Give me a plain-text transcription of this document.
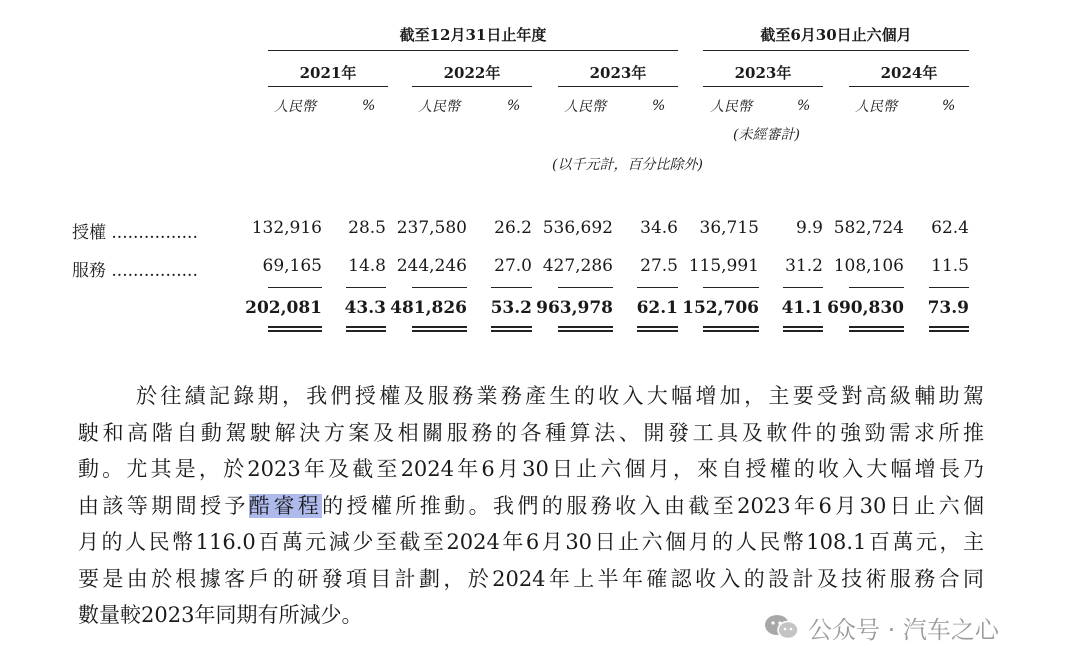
截至12月31日止年度	截至6月30日止六個月
2021年	2022年	2023年	2023年	2024年
人民幣	%	人民幣	%	人民幣	%	人民幣	%	人民幣	%
(未經審計)
(以千元計，百分比除外)
授權 ................	132,916	28.5 237,580	26.2 536,692	34.6	36,715	9.9 582,724	62.4
服務 ................	69,165	14.8 244,246	27.0 427,286	27.5 115,991	31.2 108,106	11.5
202,081	43.3 481,826	53.2 963,978	62.1 152,706	41.1 690,830	73.9
於往績記錄期，我們授權及服務業務產生的收入大幅增加，主要受對高級輔助駕
駛和高階自動駕駛解決方案及相關服務的各種算法、開發工具及軟件的強勁需求所推
動。尤其是，於2023年及截至2024年6月30日止六個月，來自授權的收入大幅增長乃
由該等期間授予酷睿程的授權所推動。我們的服務收入由截至2023年6月30日止六個
月的人民幣116.0百萬元減少至截至2024年6月30日止六個月的人民幣108.1百萬元，主
要是由於根據客戶的研發項目計劃，於2024年上半年確認收入的設計及技術服務合同
數量較2023年同期有所減少。
公众号 · 汽车之心
